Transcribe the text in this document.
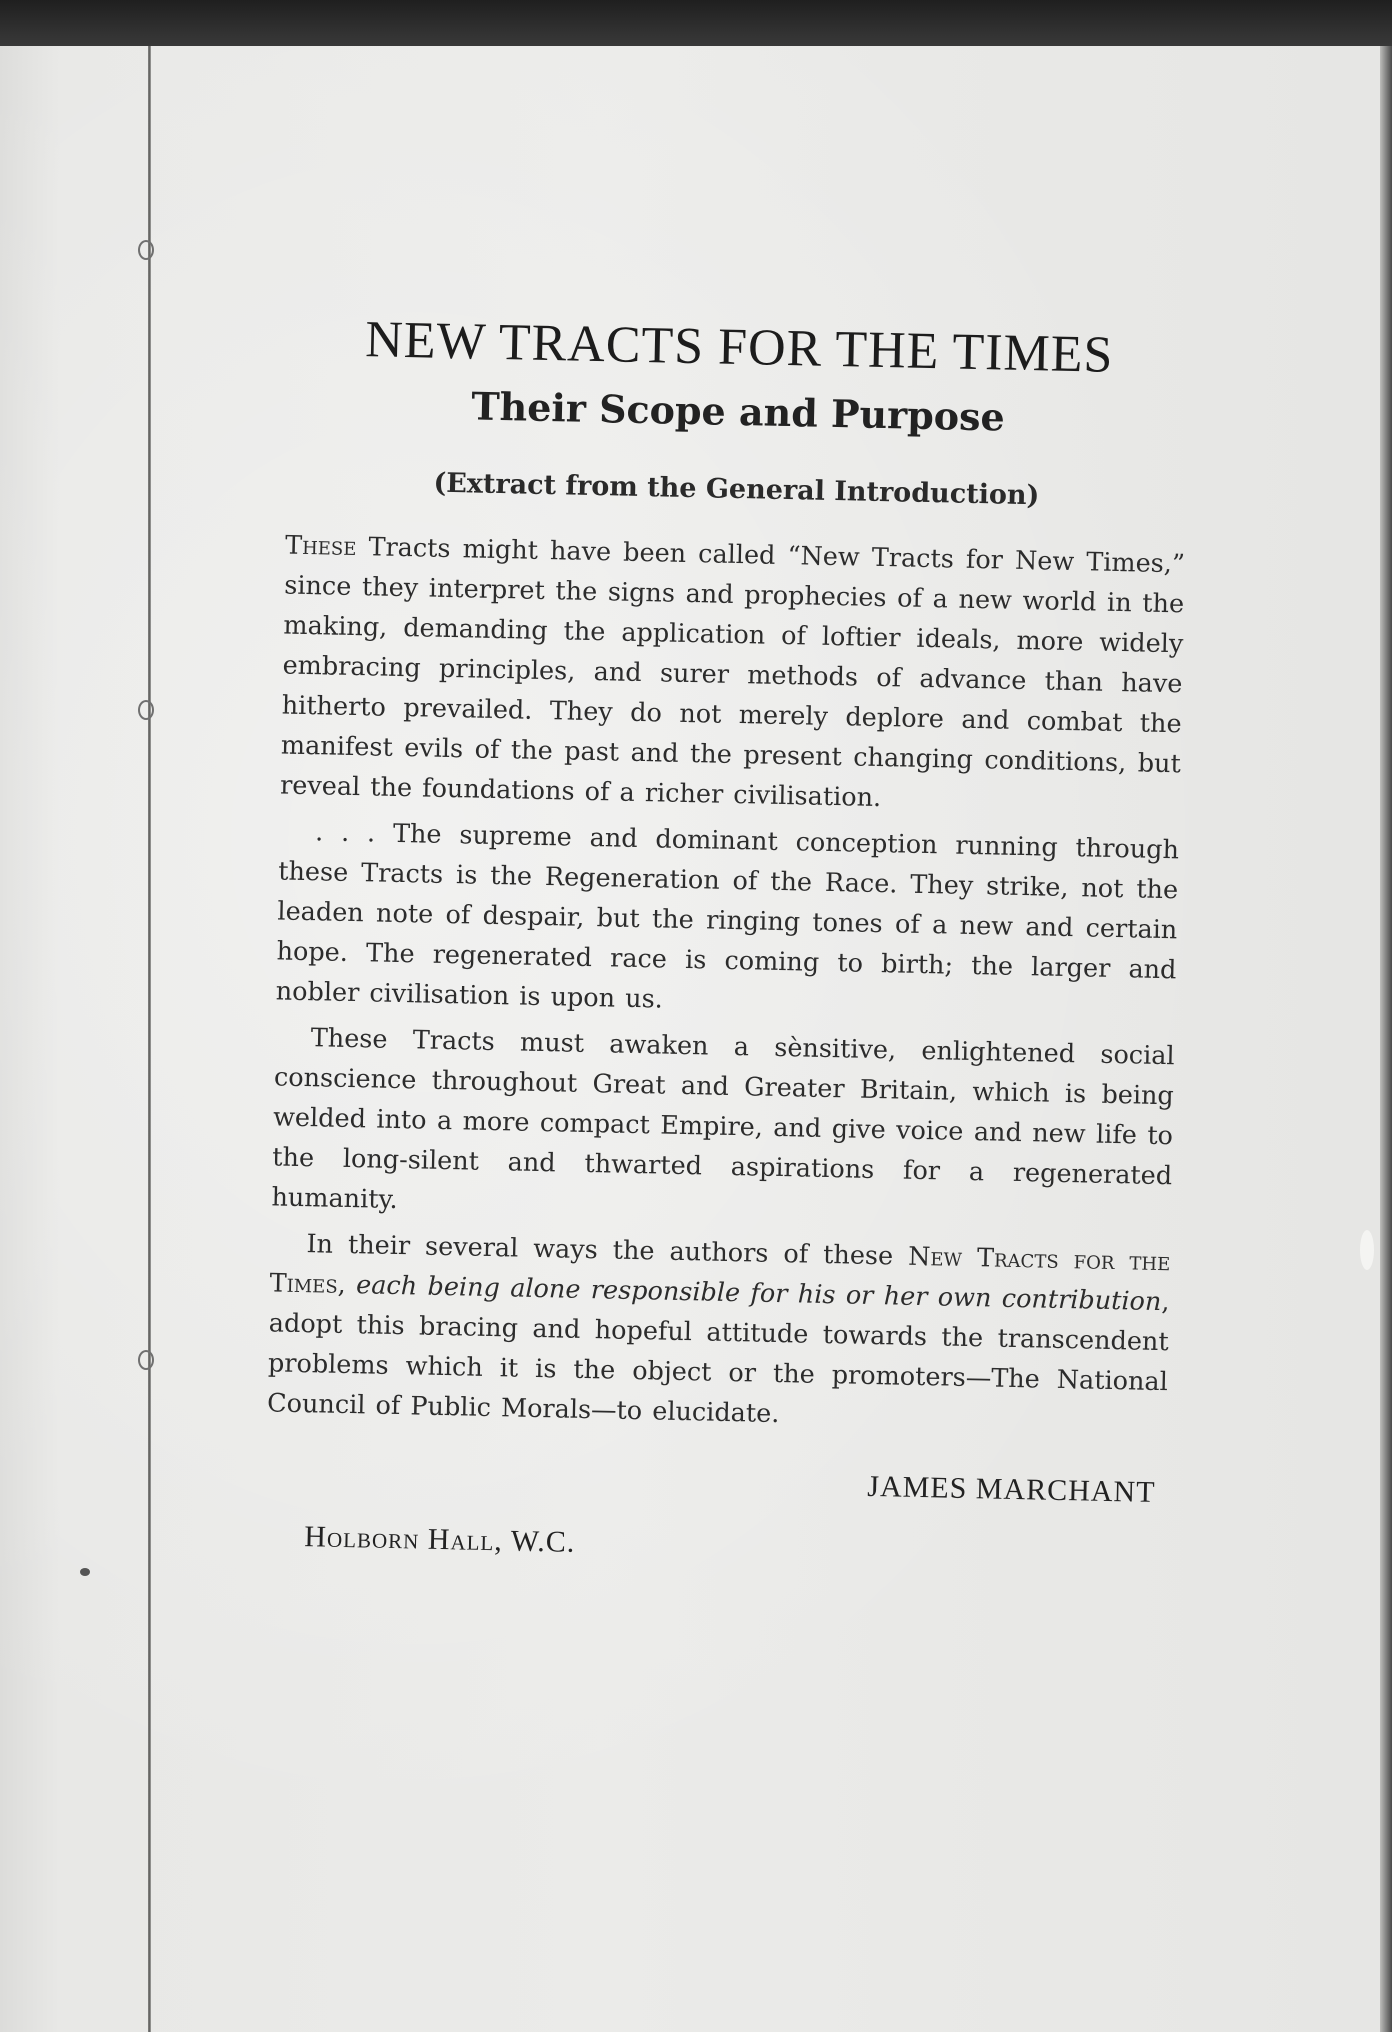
NEW TRACTS FOR THE TIMES
Their Scope and Purpose
(Extract from the General Introduction)

These Tracts might have been called “New Tracts for New Times,” since they interpret the signs and prophecies of a new world in the making, demanding the application of loftier ideals, more widely embracing principles, and surer methods of advance than have hitherto prevailed. They do not merely deplore and combat the manifest evils of the past and the present changing conditions, but reveal the foundations of a richer civilisation.

. . . The supreme and dominant conception running through these Tracts is the Regeneration of the Race. They strike, not the leaden note of despair, but the ringing tones of a new and certain hope. The regenerated race is coming to birth; the larger and nobler civilisation is upon us.

These Tracts must awaken a sènsitive, enlightened social conscience throughout Great and Greater Britain, which is being welded into a more compact Empire, and give voice and new life to the long-silent and thwarted aspirations for a regenerated humanity.

In their several ways the authors of these New Tracts for the Times, each being alone responsible for his or her own contribution, adopt this bracing and hopeful attitude towards the transcendent problems which it is the object or the promoters—The National Council of Public Morals—to elucidate.

JAMES MARCHANT
Holborn Hall, W.C.
